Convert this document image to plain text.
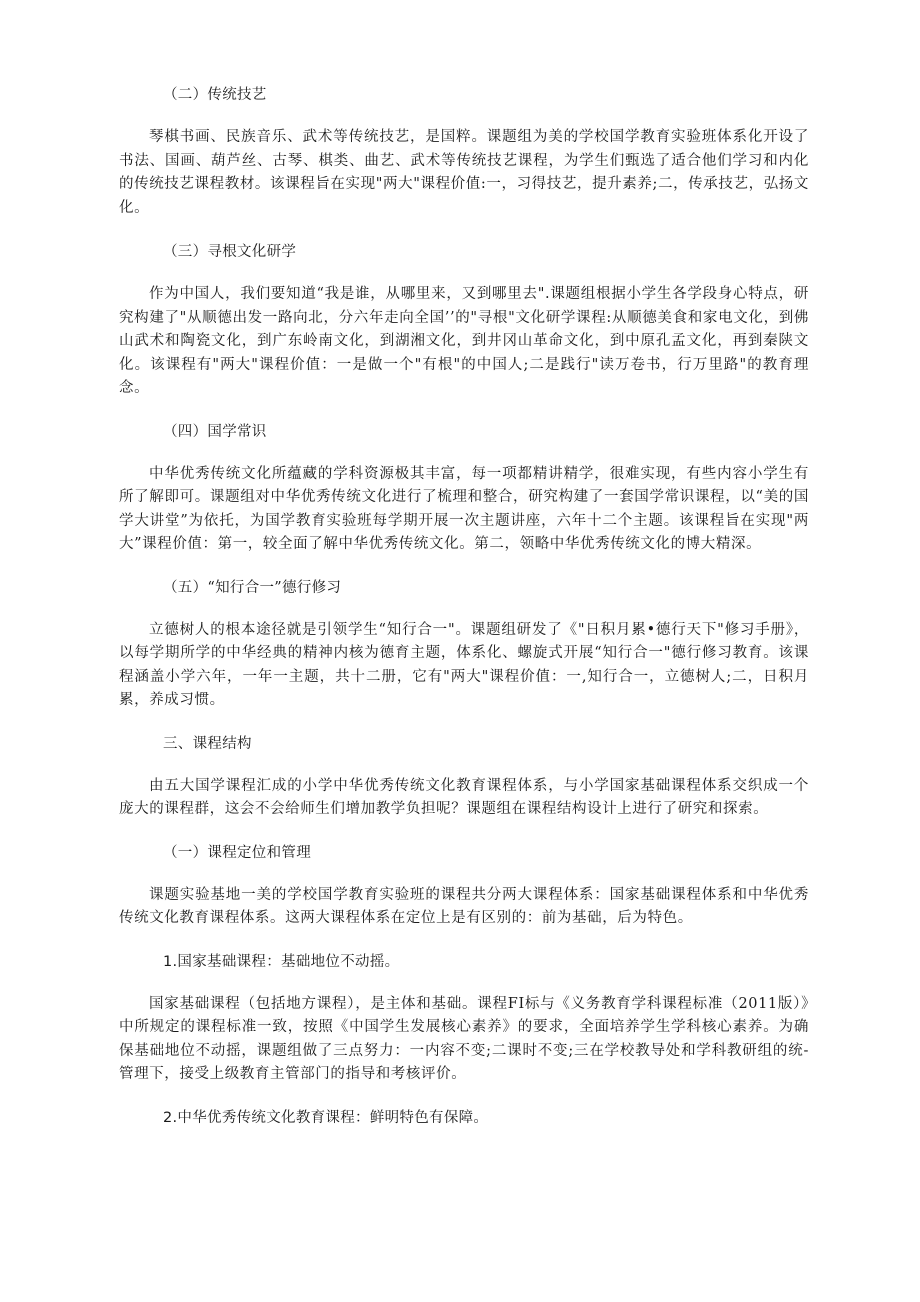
（二）传统技艺

琴棋书画、民族音乐、武术等传统技艺，是国粹。课题组为美的学校国学教育实验班体系化开设了书法、国画、葫芦丝、古琴、棋类、曲艺、武术等传统技艺课程，为学生们甄选了适合他们学习和内化的传统技艺课程教材。该课程旨在实现"两大"课程价值:一，习得技艺，提升素养;二，传承技艺，弘扬文化。

（三）寻根文化研学

作为中国人，我们要知道“我是谁，从哪里来，又到哪里去".课题组根据小学生各学段身心特点，研究构建了"从顺德出发一路向北，分六年走向全国’’的"寻根"文化研学课程:从顺德美食和家电文化，到佛山武术和陶瓷文化，到广东岭南文化，到湖湘文化，到井冈山革命文化，到中原孔孟文化，再到秦陕文化。该课程有"两大"课程价值：一是做一个"有根"的中国人;二是践行"读万卷书，行万里路"的教育理念。

（四）国学常识

中华优秀传统文化所蕴藏的学科资源极其丰富，每一项都精讲精学，很难实现，有些内容小学生有所了解即可。课题组对中华优秀传统文化进行了梳理和整合，研究构建了一套国学常识课程，以“美的国学大讲堂”为依托，为国学教育实验班每学期开展一次主题讲座，六年十二个主题。该课程旨在实现"两大”课程价值：第一，较全面了解中华优秀传统文化。第二，领略中华优秀传统文化的博大精深。

（五）“知行合一”德行修习

立德树人的根本途径就是引领学生“知行合一"。课题组研发了《"日积月累•德行天下"修习手册》，以每学期所学的中华经典的精神内核为德育主题，体系化、螺旋式开展“知行合一"德行修习教育。该课程涵盖小学六年，一年一主题，共十二册，它有"两大"课程价值：一,知行合一，立德树人;二，日积月累，养成习惯。

三、课程结构

由五大国学课程汇成的小学中华优秀传统文化教育课程体系，与小学国家基础课程体系交织成一个庞大的课程群，这会不会给师生们增加教学负担呢？课题组在课程结构设计上进行了研究和探索。

（一）课程定位和管理

课题实验基地一美的学校国学教育实验班的课程共分两大课程体系：国家基础课程体系和中华优秀传统文化教育课程体系。这两大课程体系在定位上是有区别的：前为基础，后为特色。

1.国家基础课程：基础地位不动摇。

国家基础课程（包括地方课程），是主体和基础。课程FI标与《义务教育学科课程标准（2011版）》中所规定的课程标准一致，按照《中国学生发展核心素养》的要求，全面培养学生学科核心素养。为确保基础地位不动摇，课题组做了三点努力：一内容不变;二课时不变;三在学校教导处和学科教研组的统-管理下，接受上级教育主管部门的指导和考核评价。

2.中华优秀传统文化教育课程：鲜明特色有保障。
